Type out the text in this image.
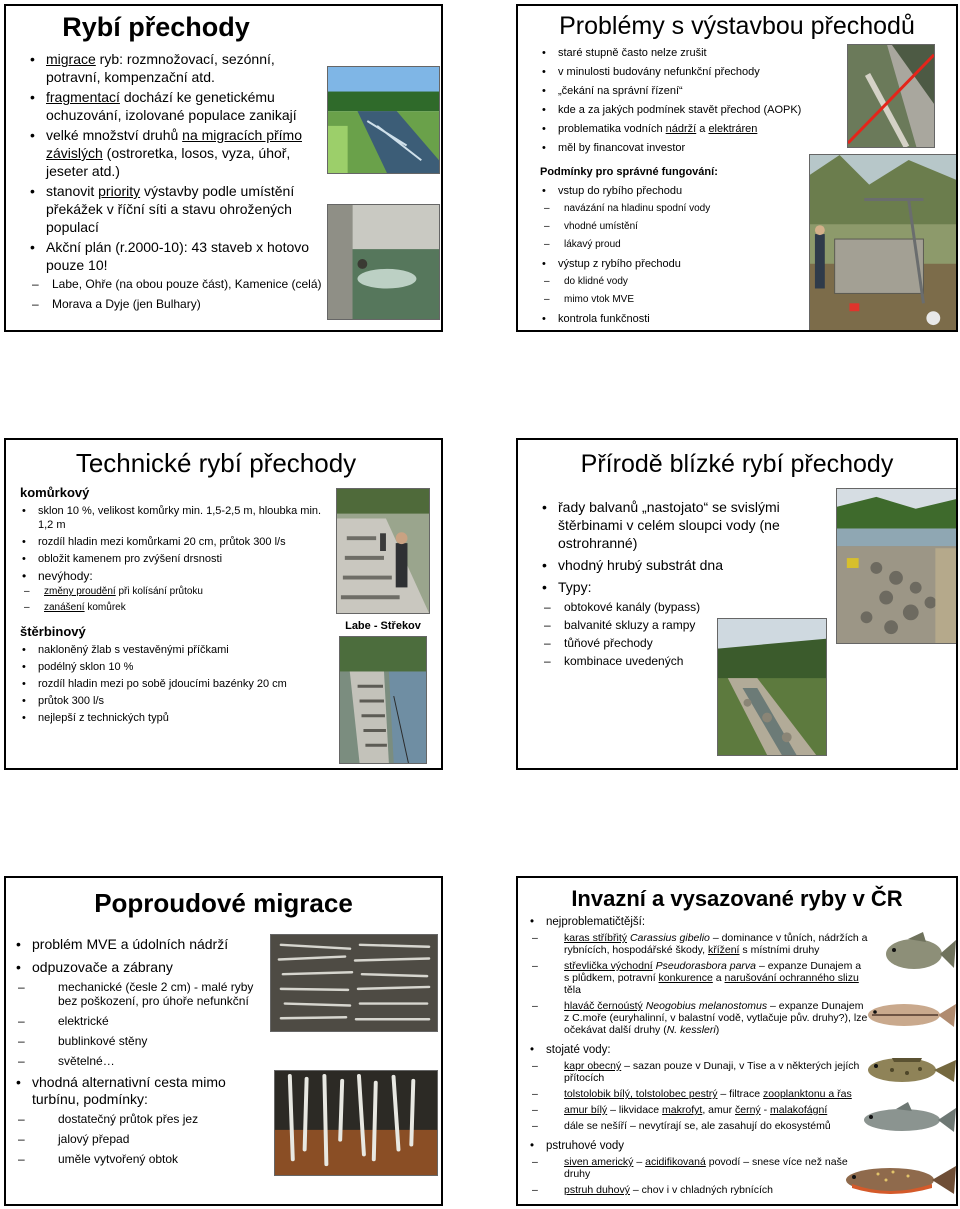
Rybí přechody
• migrace ryb: rozmnožovací, sezónní, potravní, kompenzační atd.
• fragmentací dochází ke genetickému ochuzování, izolované populace zanikají
• velké množství druhů na migracích přímo závislých (ostroretka, losos, vyza, úhoř, jeseter atd.)
• stanovit priority výstavby podle umístění překážek v říční síti a stavu ohrožených populací
• Akční plán (r.2000-10): 43 staveb x hotovo pouze 10!
– Labe, Ohře (na obou pouze část), Kamenice (celá)
– Morava a Dyje (jen Bulhary)
Problémy s výstavbou přechodů
• staré stupně často nelze zrušit
• v minulosti budovány nefunkční přechody
• „čekání na správní řízení“
• kde a za jakých podmínek stavět přechod (AOPK)
• problematika vodních nádrží a elektráren
• měl by financovat investor
Podmínky pro správné fungování:
• vstup do rybího přechodu
– navázání na hladinu spodní vody
– vhodné umístění
– lákavý proud
• výstup z rybího přechodu
– do klidné vody
– mimo vtok MVE
• kontrola funkčnosti
Technické rybí přechody
komůrkový
• sklon 10 %, velikost komůrky min. 1,5-2,5 m, hloubka min. 1,2 m
• rozdíl hladin mezi komůrkami 20 cm, průtok 300 l/s
• obložit kamenem pro zvýšení drsnosti
• nevýhody:
– změny proudění při kolísání průtoku
– zanášení komůrek
štěrbinový
• nakloněný žlab s vestavěnými příčkami
• podélný sklon 10 %
• rozdíl hladin mezi po sobě jdoucími bazénky 20 cm
• průtok 300 l/s
• nejlepší z technických typů
Labe - Střekov
Přírodě blízké rybí přechody
• řady balvanů „nastojato“ se svislými štěrbinami v celém sloupci vody (ne ostrohranné)
• vhodný hrubý substrát dna
• Typy:
– obtokové kanály (bypass)
– balvanité skluzy a rampy
– tůňové přechody
– kombinace uvedených
Poproudové migrace
• problém MVE a údolních nádrží
• odpuzovače a zábrany
– mechanické (česle 2 cm) - malé ryby bez poškození, pro úhoře nefunkční
– elektrické
– bublinkové stěny
– světelné…
• vhodná alternativní cesta mimo turbínu, podmínky:
– dostatečný průtok přes jez
– jalový přepad
– uměle vytvořený obtok
Invazní a vysazované ryby v ČR
• nejproblematičtější:
– karas stříbřitý Carassius gibelio – dominance v tůních, nádržích a rybnících, hospodářské škody, křížení s místními druhy
– střevlička východní Pseudorasbora parva – expanze Dunajem a s plůdkem, potravní konkurence a narušování ochranného slizu těla
– hlaváč černoústý Neogobius melanostomus – expanze Dunajem z C.moře (euryhalinní, v balastní vodě, vytlačuje pův. druhy?), lze očekávat další druhy (N. kessleri)
• stojaté vody:
– kapr obecný – sazan pouze v Dunaji, v Tise a v některých jejích přítocích
– tolstolobik bílý, tolstolobec pestrý – filtrace zooplanktonu a řas
– amur bílý – likvidace makrofyt, amur černý - malakofágní
– dále se nešíří – nevytírají se, ale zasahují do ekosystémů
• pstruhové vody
– siven americký – acidifikovaná povodí – snese více než naše druhy
– pstruh duhový – chov i v chladných rybnících
